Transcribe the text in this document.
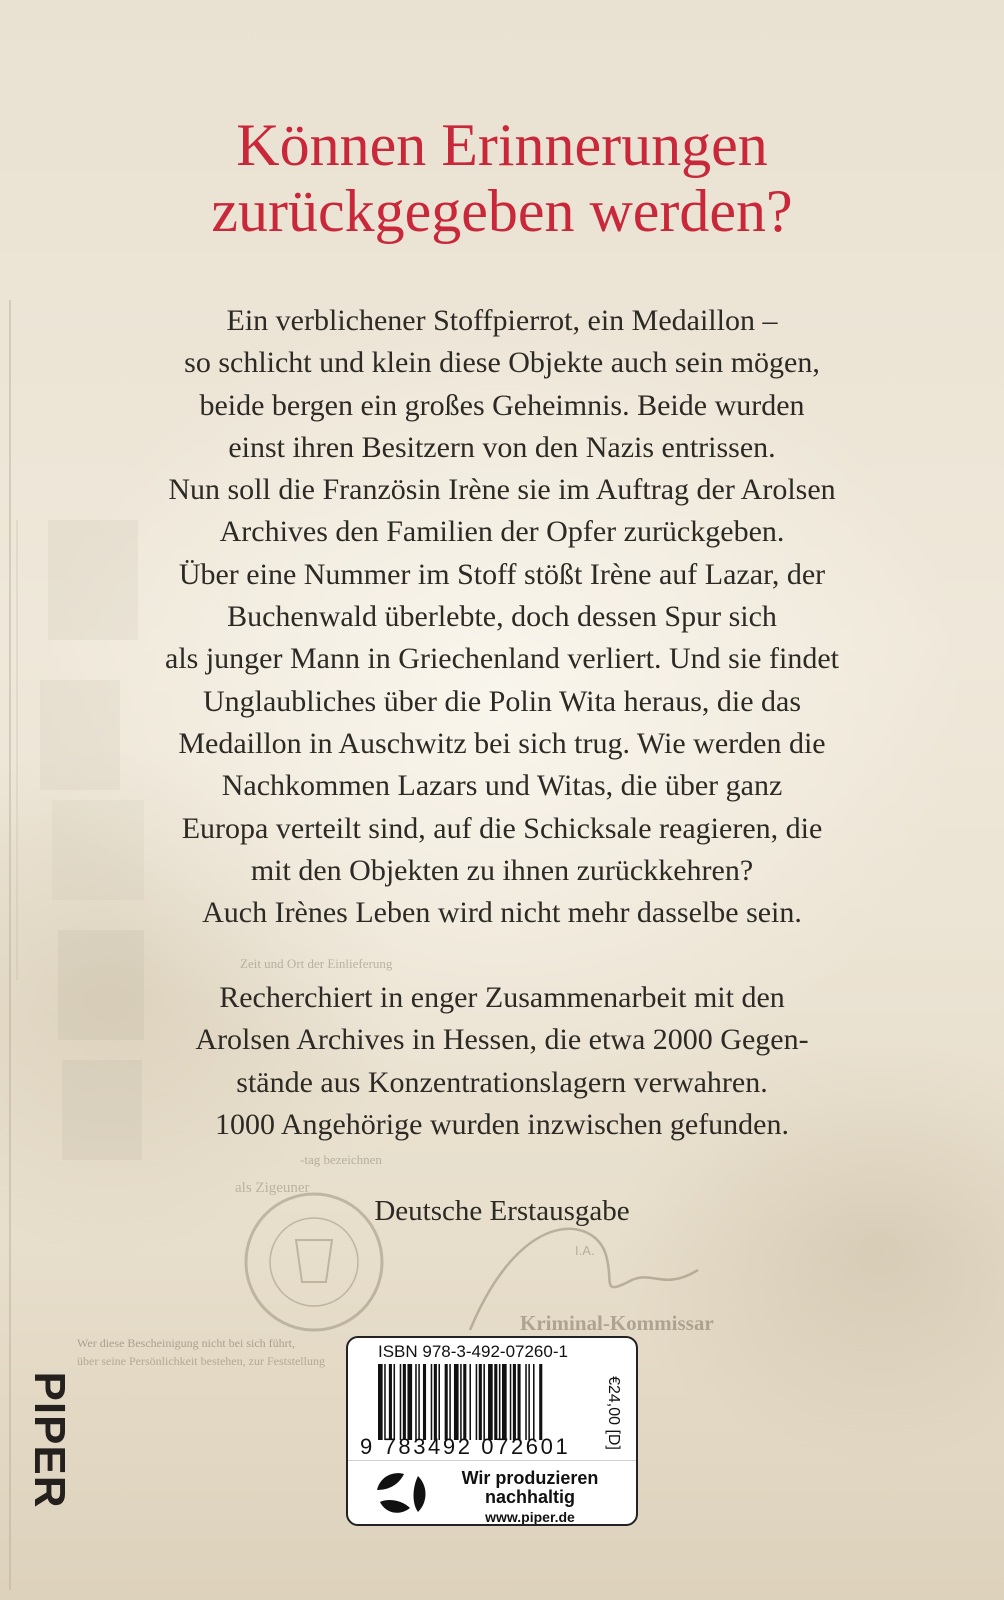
Zeit und Ort der Einlieferung
-tag bezeichnen
als Zigeuner
I.A.
Kriminal-Kommissar
Wer diese Bescheinigung nicht bei sich führt,
über seine Persönlichkeit bestehen, zur Feststellung
Können Erinnerungen
zurückgegeben werden?
Ein verblichener Stoffpierrot, ein Medaillon –
so schlicht und klein diese Objekte auch sein mögen,
beide bergen ein großes Geheimnis. Beide wurden
einst ihren Besitzern von den Nazis entrissen.
Nun soll die Französin Irène sie im Auftrag der Arolsen
Archives den Familien der Opfer zurückgeben.
Über eine Nummer im Stoff stößt Irène auf Lazar, der
Buchenwald überlebte, doch dessen Spur sich
als junger Mann in Griechenland verliert. Und sie findet
Unglaubliches über die Polin Wita heraus, die das
Medaillon in Auschwitz bei sich trug. Wie werden die
Nachkommen Lazars und Witas, die über ganz
Europa verteilt sind, auf die Schicksale reagieren, die
mit den Objekten zu ihnen zurückkehren?
Auch Irènes Leben wird nicht mehr dasselbe sein.
Recherchiert in enger Zusammenarbeit mit den
Arolsen Archives in Hessen, die etwa 2000 Gegen-
stände aus Konzentrationslagern verwahren.
1000 Angehörige wurden inzwischen gefunden.

Deutsche Erstausgabe

PIPER

ISBN 978-3-492-07260-1

9 783492 072601	€24,00 [D]
Wir produzieren
nachhaltig
www.piper.de
